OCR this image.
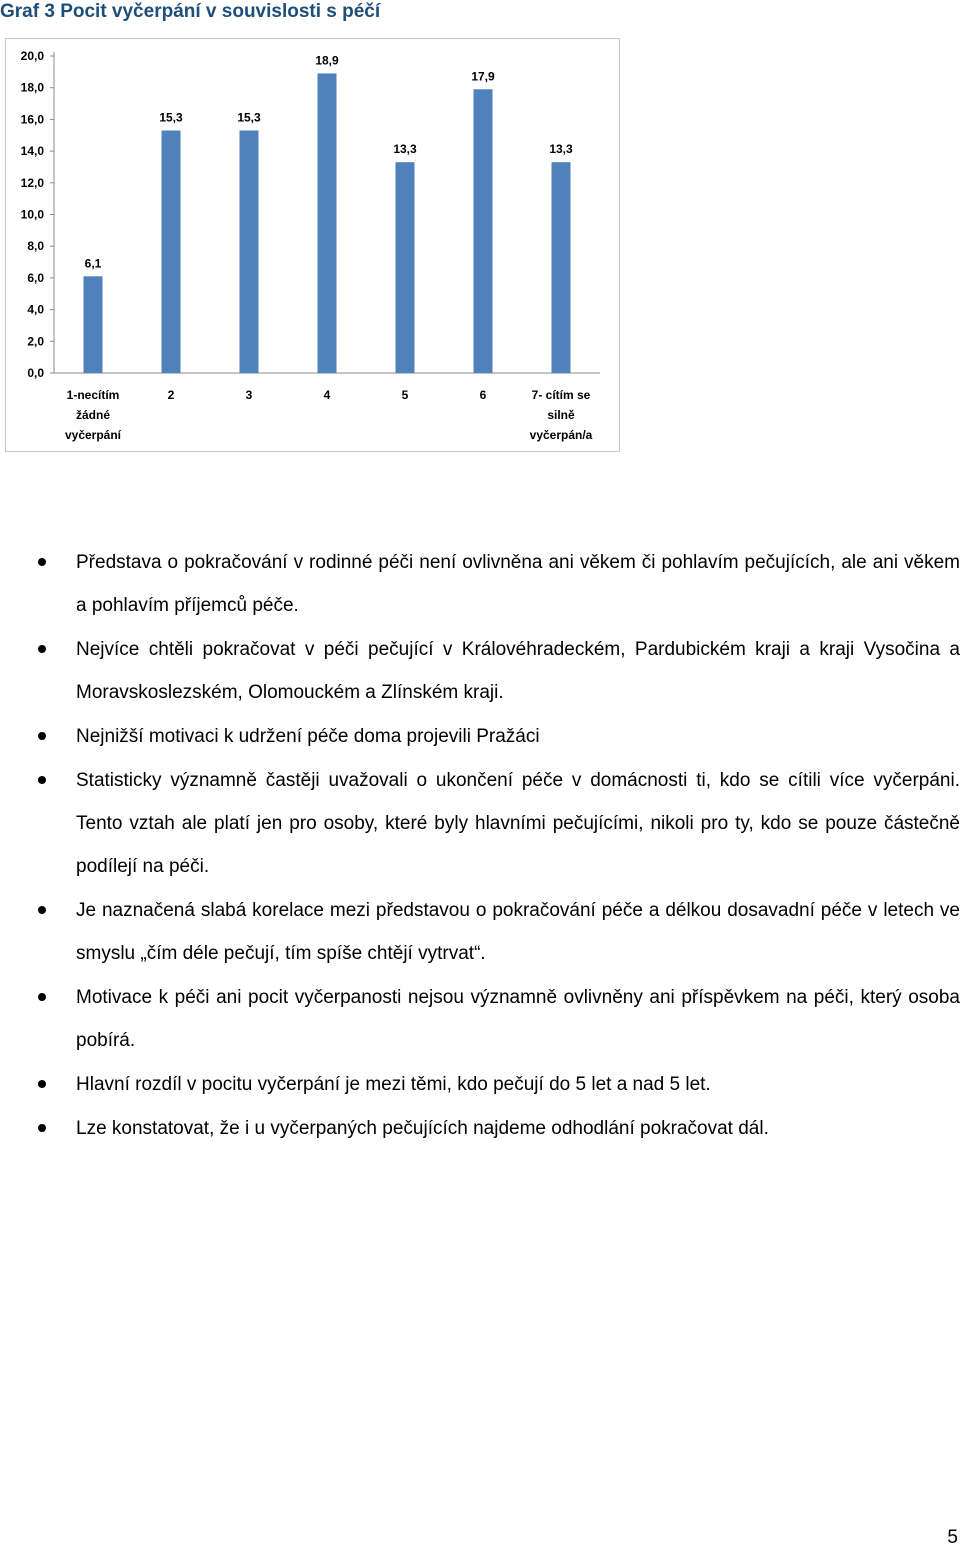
Graf 3 Pocit vyčerpání v souvislosti s péčí
0,0
2,0
4,0
6,0
8,0
10,0
12,0
14,0
16,0
18,0
20,0
6,1
1-necítím
žádné
vyčerpání
15,3
2
15,3
3
18,9
4
13,3
5
17,9
6
13,3
7- cítím se
silně
vyčerpán/a
Představa o pokračování v rodinné péči není ovlivněna ani věkem či pohlavím pečujících, ale ani věkem a pohlavím příjemců péče.
Nejvíce chtěli pokračovat v péči pečující v Královéhradeckém, Pardubickém kraji a kraji Vysočina a Moravskoslezském, Olomouckém a Zlínském kraji.
Nejnižší motivaci k udržení péče doma projevili Pražáci
Statisticky významně častěji uvažovali o ukončení péče v domácnosti ti, kdo se cítili více vyčerpáni. Tento vztah ale platí jen pro osoby, které byly hlavními pečujícími, nikoli pro ty, kdo se pouze částečně podílejí na péči.
Je naznačená slabá korelace mezi představou o pokračování péče a délkou dosavadní péče v letech ve smyslu „čím déle pečují, tím spíše chtějí vytrvat“.
Motivace k péči ani pocit vyčerpanosti nejsou významně ovlivněny ani příspěvkem na péči, který osoba pobírá.
Hlavní rozdíl v pocitu vyčerpání je mezi těmi, kdo pečují do 5 let a nad 5 let.
Lze konstatovat, že i u vyčerpaných pečujících najdeme odhodlání pokračovat dál.
5
